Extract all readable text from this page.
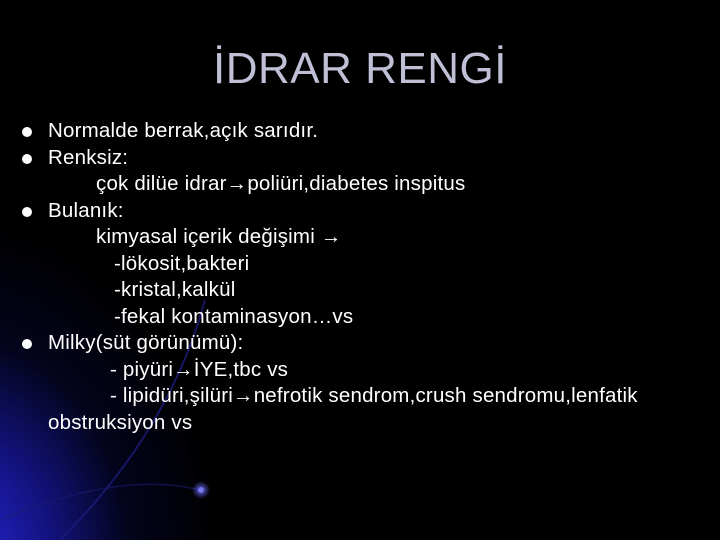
İDRAR RENGİ
Normalde berrak,açık sarıdır.
Renksiz:
çok dilüe idrar→poliüri,diabetes inspitus
Bulanık:
kimyasal içerik değişimi →
-lökosit,bakteri
-kristal,kalkül
-fekal kontaminasyon…vs
Milky(süt görünümü):
- piyüri→İYE,tbc vs
- lipidüri,şilüri→nefrotik sendrom,crush sendromu,lenfatik
obstruksiyon vs
